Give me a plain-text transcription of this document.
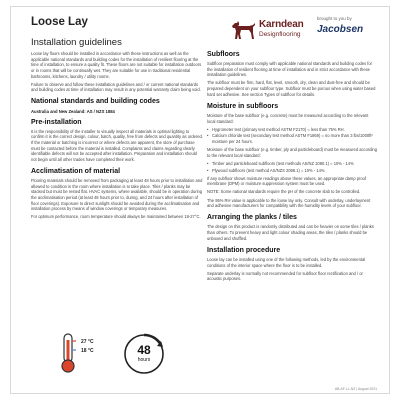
Loose Lay
Installation guidelines
Karndean
Designflooring
brought to you by
Jacobsen

Loose lay floors should be installed in accordance with these instructions as well as the applicable national standards and building codes for the installation of resilient flooring at the time of installation, to ensure a quality fit. These floors are not suitable for installation outdoors or in rooms that will be continually wet. They are suitable for use in traditional residential bathrooms, kitchens, laundry / utility rooms.

Failure to observe and follow these installation guidelines and / or current national standards and building codes at time of installation may result in any potential warranty claim being void.

National standards and building codes
Australia and New Zealand: AS / NZS 1884
Pre-installation

It is the responsibility of the installer to visually inspect all materials in optimal lighting to confirm it is the correct design, colour, batch, quality, free from defects and quantity as ordered. If the material or batching is incorrect or where defects are apparent, the store of purchase must be contacted before the material is installed. Complaints and claims regarding clearly identifiable defects will not be accepted after installation. Preparation and installation should not begin until all other trades have completed their work.

Acclimatisation of material

Flooring materials should be removed from packaging at least 48 hours prior to installation and allowed to condition in the room where installation is to take place. Tiles / planks may be stacked but must be rested flat. HVAC systems, where available, should be in operation during the acclimatisation period (at least 48 hours prior to, during, and 24 hours after installation of floor coverings). Exposure to direct sunlight should be avoided during the acclimatisation and installation process by means of window coverings or temporary measures.

For optimum performance, room temperature should always be maintained between 18-27°C.

27 °C
18 °C	48
hours
Subfloors

Subfloor preparation must comply with applicable national standards and building codes for the installation of resilient flooring at time of installation and in strict accordance with these installation guidelines.

The subfloor must be firm, hard, flat, level, smooth, dry, clean and dust-free and should be prepared dependent on your subfloor type. Subfloor must be porous when using water based hard set adhesive. See section Types of subfloor for details.

Moisture in subfloors

Moisture of the base subfloor (e.g. concrete) must be measured according to the relevant local standard:

• Hygrometer test (primary test method ASTM F2170) = less than 75% RH.
• Calcium chloride test (secondary test method ASTM F1869) = no more than 3 lbs/1000ft² moisture per 24 hours.

Moisture of the base subfloor (e.g. timber, ply and particleboard) must be measured according to the relevant local standard:

• Timber and particleboard subfloors (test methods AS/NZ 1080.1) = 10% - 14%
• Plywood subfloors (test method AS/NZS 2098.1) = 10% - 14%

If any subfloor shows moisture readings above these values, an appropriate damp proof membrane (DPM) or moisture suppression system must be used.

NOTE: Some national standards require the pH of the concrete slab to be controlled.

The 95% RH value is applicable to the loose lay only. Consult with underlay, underlayment and adhesive manufacturers for compatibility with the humidity levels of your subfloor.

Arranging the planks / tiles

The design on this product is randomly distributed and can be heavier on some tiles / planks than others. To prevent heavy and light colour shading areas, the tiles / planks should be unboxed and shuffled.

Installation procedure

Loose lay can be installed using one of the following methods, led by the environmental conditions of the interior space where the floor is to be installed.

Separate underlay is normally not recommended for subfloor floor rectification and / or acoustic purposes.

AB-AF-LL-NZ | August 2021
